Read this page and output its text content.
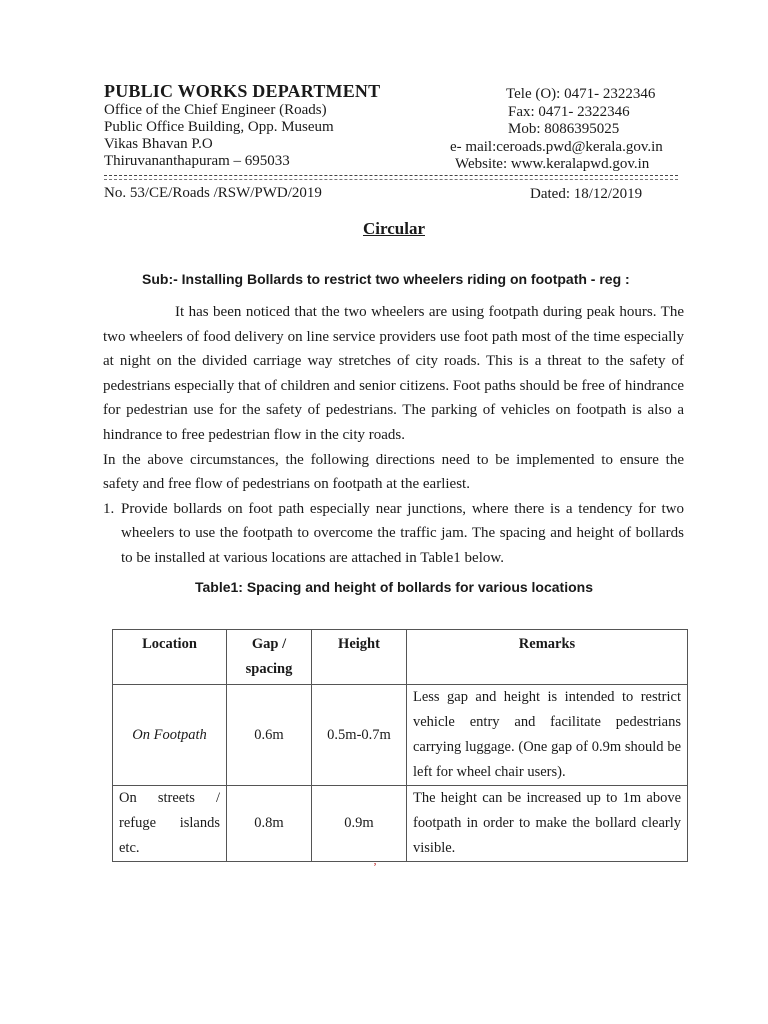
PUBLIC WORKS DEPARTMENT
Office of the Chief Engineer (Roads)
Public Office Building, Opp. Museum
Vikas Bhavan P.O
Thiruvananthapuram – 695033
Tele (O): 0471- 2322346
Fax: 0471- 2322346
Mob: 8086395025
e- mail:ceroads.pwd@kerala.gov.in
Website: www.keralapwd.gov.in
No. 53/CE/Roads /RSW/PWD/2019	Dated: 18/12/2019
Circular
Sub:- Installing Bollards to restrict two wheelers riding on footpath - reg :

It has been noticed that the two wheelers are using footpath during peak hours. The two wheelers of food delivery on line service providers use foot path most of the time especially at night on the divided carriage way stretches of city roads. This is a threat to the safety of pedestrians especially that of children and senior citizens. Foot paths should be free of hindrance for pedestrian use for the safety of pedestrians. The parking of vehicles on footpath is also a hindrance to free pedestrian flow in the city roads.

In the above circumstances, the following directions need to be implemented to ensure the safety and free flow of pedestrians on footpath at the earliest.

1. Provide bollards on foot path especially near junctions, where there is a tendency for two wheelers to use the footpath to overcome the traffic jam. The spacing and height of bollards to be installed at various locations are attached in Table1 below.
Table1: Spacing and height of bollards for various locations
Location	Gap / spacing	Height	Remarks
On Footpath	0.6m	0.5m-0.7m	Less gap and height is intended to restrict vehicle entry and facilitate pedestrians carrying luggage. (One gap of 0.9m should be left for wheel chair users).
On streets / refuge islands etc.	0.8m	0.9m	The height can be increased up to 1m above footpath in order to make the bollard clearly visible.
ʼ
